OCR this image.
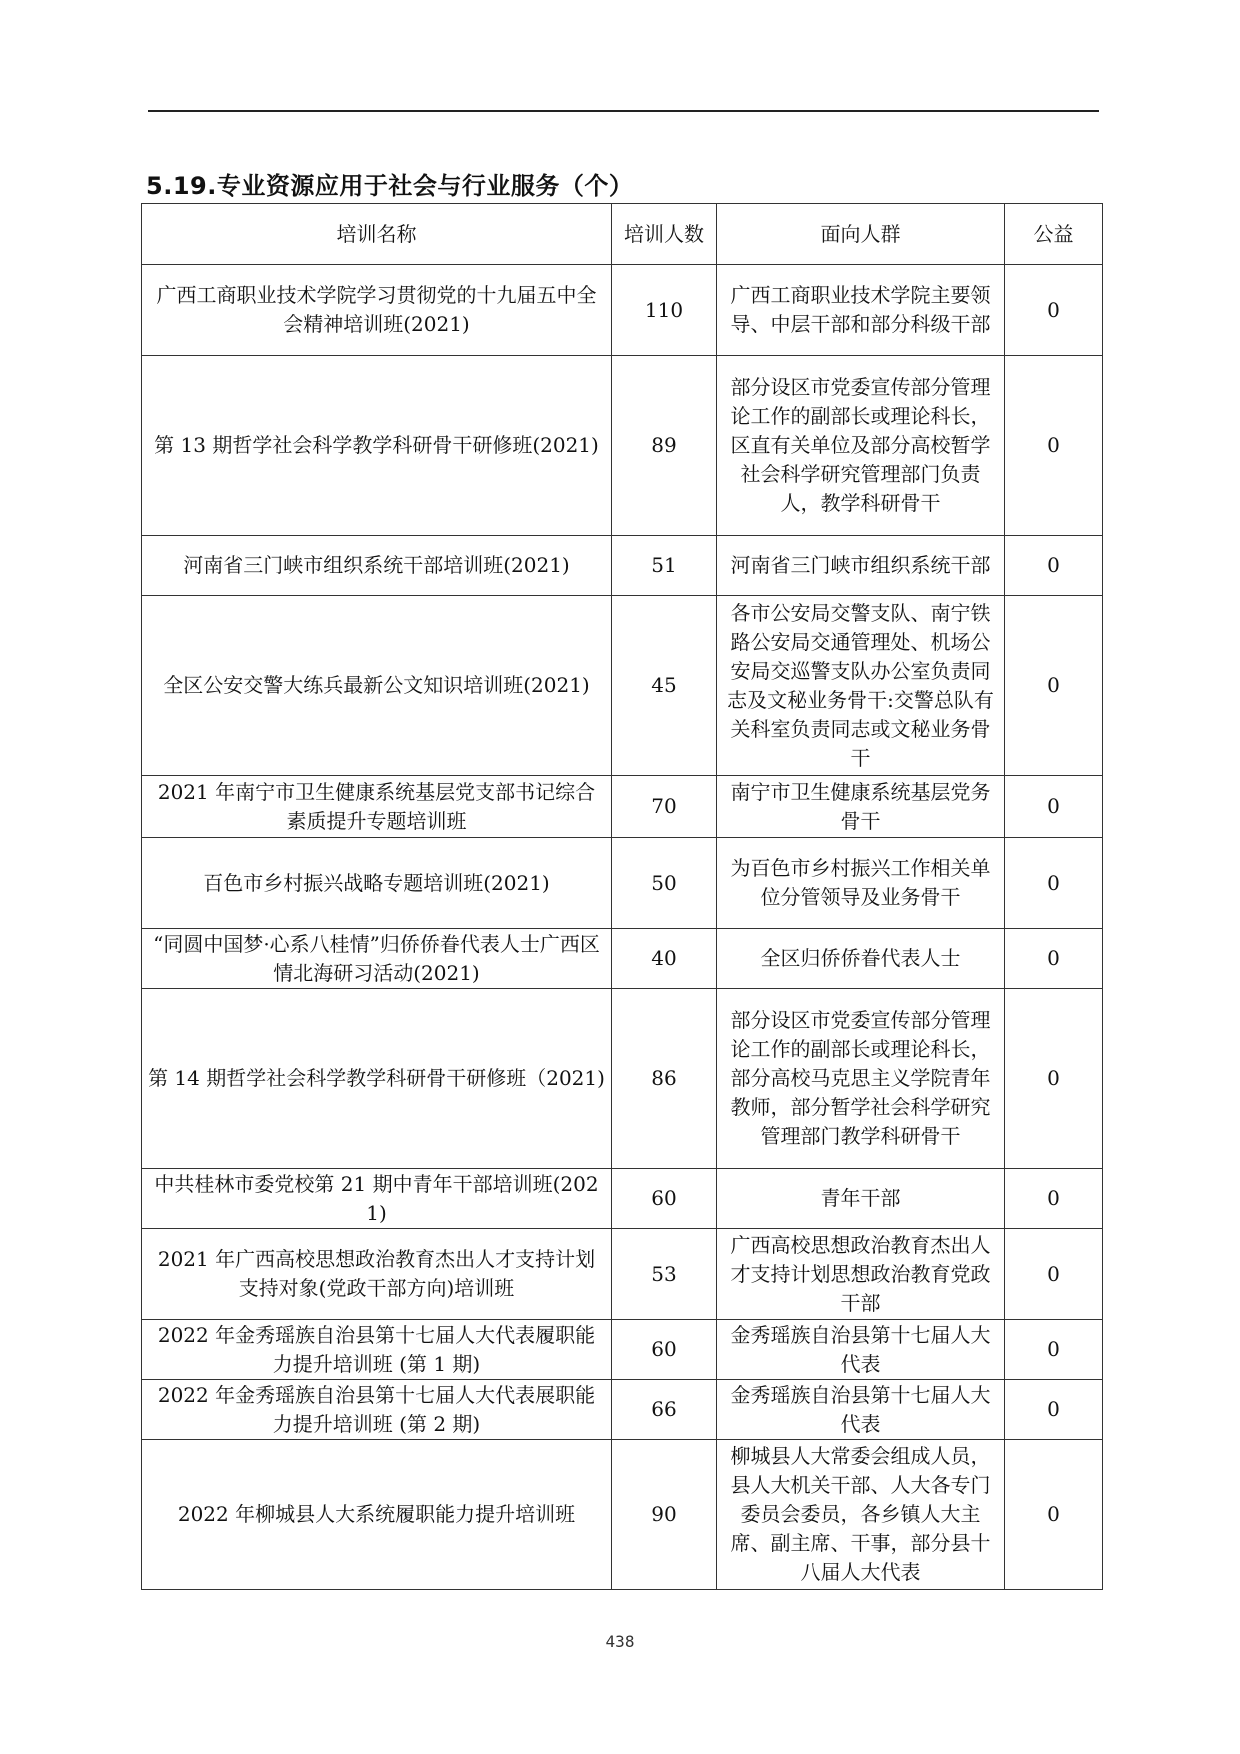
5.19.专业资源应用于社会与行业服务（个）
培训名称	培训人数	面向人群	公益
广西工商职业技术学院学习贯彻党的十九届五中全会精神培训班(2021)	110	广西工商职业技术学院主要领导、中层干部和部分科级干部	0
第 13 期哲学社会科学教学科研骨干研修班(2021)	89	部分设区市党委宣传部分管理论工作的副部长或理论科长，区直有关单位及部分高校暂学社会科学研究管理部门负责人，教学科研骨干	0
河南省三门峡市组织系统干部培训班(2021)	51	河南省三门峡市组织系统干部	0
全区公安交警大练兵最新公文知识培训班(2021)	45	各市公安局交警支队、南宁铁路公安局交通管理处、机场公安局交巡警支队办公室负责同志及文秘业务骨干:交警总队有关科室负责同志或文秘业务骨干	0
2021 年南宁市卫生健康系统基层党支部书记综合素质提升专题培训班	70	南宁市卫生健康系统基层党务骨干	0
百色市乡村振兴战略专题培训班(2021)	50	为百色市乡村振兴工作相关单位分管领导及业务骨干	0
“同圆中国梦·心系八桂情”归侨侨眷代表人士广西区情北海研习活动(2021)	40	全区归侨侨眷代表人士	0
第 14 期哲学社会科学教学科研骨干研修班（2021)	86	部分设区市党委宣传部分管理论工作的副部长或理论科长，部分高校马克思主义学院青年教师，部分暂学社会科学研究管理部门教学科研骨干	0
中共桂林市委党校第 21 期中青年干部培训班(2021)	60	青年干部	0
2021 年广西高校思想政治教育杰出人才支持计划支持对象(党政干部方向)培训班	53	广西高校思想政治教育杰出人才支持计划思想政治教育党政干部	0
2022 年金秀瑶族自治县第十七届人大代表履职能力提升培训班 (第 1 期)	60	金秀瑶族自治县第十七届人大代表	0
2022 年金秀瑶族自治县第十七届人大代表展职能力提升培训班 (第 2 期)	66	金秀瑶族自治县第十七届人大代表	0
2022 年柳城县人大系统履职能力提升培训班	90	柳城县人大常委会组成人员，县人大机关干部、人大各专门委员会委员，各乡镇人大主席、副主席、干事，部分县十八届人大代表	0
438
